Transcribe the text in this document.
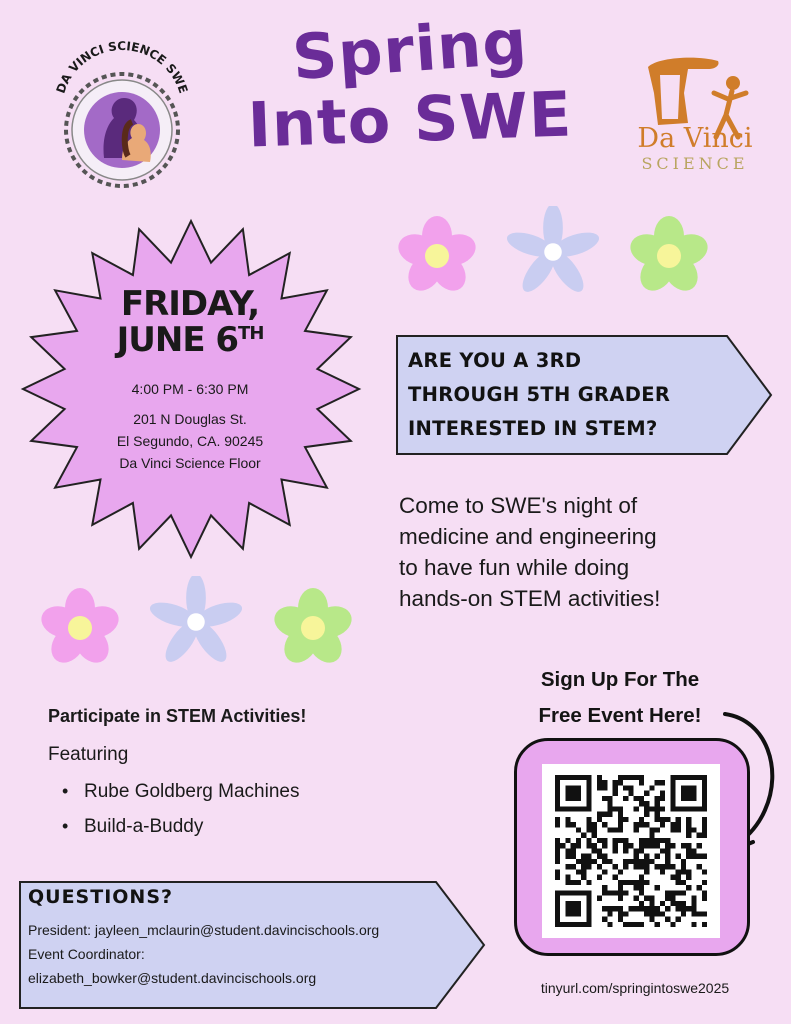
Spring
Into SWE
DA VINCI SCIENCE SWE
Da Vinci
SCIENCE
FRIDAY,
JUNE 6TH
4:00 PM - 6:30 PM
201 N Douglas St.
El Segundo, CA. 90245
Da Vinci Science Floor
ARE YOU A 3RD
THROUGH 5TH GRADER
INTERESTED IN STEM?
Come to SWE's night of
medicine and engineering
to have fun while doing
hands-on STEM activities!
Participate in STEM Activities!
Featuring
• Rube Goldberg Machines
• Build-a-Buddy
QUESTIONS?
President: jayleen_mclaurin@student.davincischools.org
Event Coordinator:
elizabeth_bowker@student.davincischools.org
Sign Up For The
Free Event Here!
tinyurl.com/springintoswe2025
